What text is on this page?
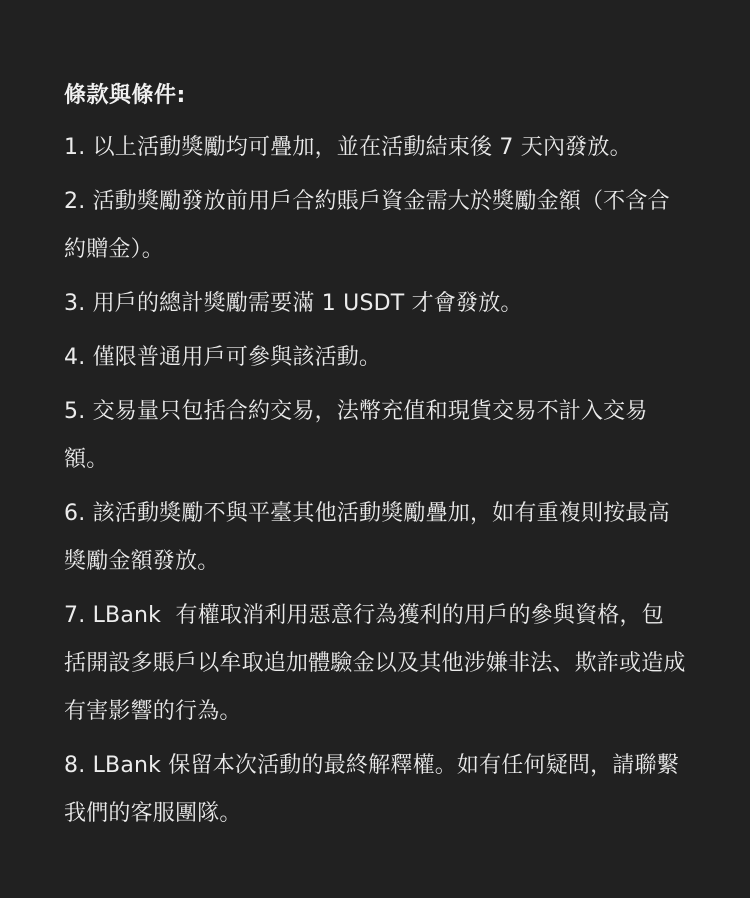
條款與條件:
1. 以上活動獎勵均可疊加，並在活動結束後 7 天內發放。
2. 活動獎勵發放前用戶合約賬戶資金需大於獎勵金額（不含合約贈金）。
3. 用戶的總計獎勵需要滿 1 USDT 才會發放。
4. 僅限普通用戶可參與該活動。
5. 交易量只包括合約交易，法幣充值和現貨交易不計入交易額。
6. 該活動獎勵不與平臺其他活動獎勵疊加，如有重複則按最高獎勵金額發放。
7. LBank  有權取消利用惡意行為獲利的用戶的參與資格，包括開設多賬戶以牟取追加體驗金以及其他涉嫌非法、欺詐或造成有害影響的行為。
8. LBank 保留本次活動的最終解釋權。如有任何疑問，請聯繫我們的客服團隊。
